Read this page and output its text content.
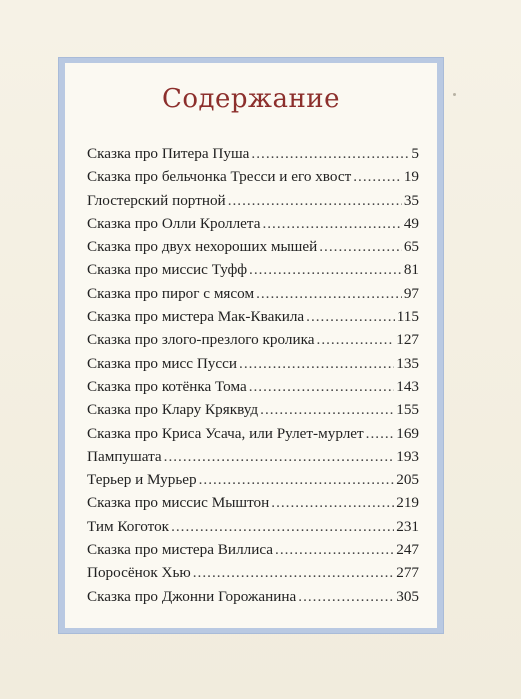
Содержание
Сказка про Питера Пуша .....	5
Сказка про бельчонка Тресси и его хвост .....	19
Глостерский портной .....	35
Сказка про Олли Кроллета .....	49
Сказка про двух нехороших мышей .....	65
Сказка про миссис Туфф .....	81
Сказка про пирог с мясом .....	97
Сказка про мистера Мак-Квакила .....	115
Сказка про злого-презлого кролика .....	127
Сказка про мисс Пусси .....	135
Сказка про котёнка Тома .....	143
Сказка про Клару Кряквуд .....	155
Сказка про Криса Усача, или Рулет-мурлет ..... 169
Пампушата .....	193
Терьер и Мурьер .....	205
Сказка про миссис Мыштон .....	219
Тим Коготок .....	231
Сказка про мистера Виллиса .....	247
Поросёнок Хью .....	277
Сказка про Джонни Горожанина .....	305
